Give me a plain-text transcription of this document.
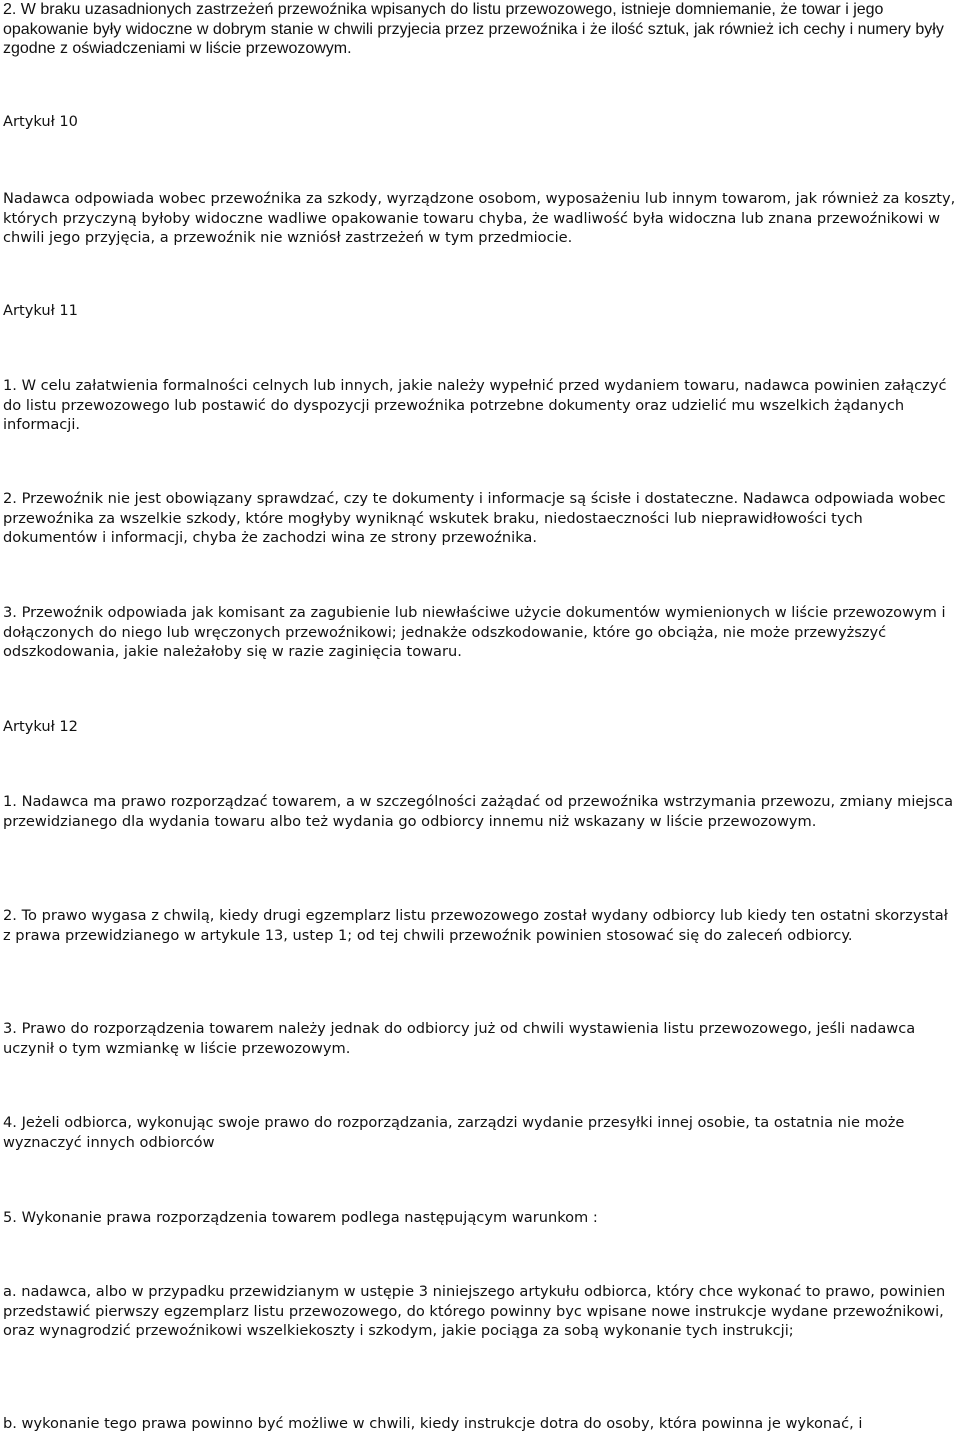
2. W braku uzasadnionych zastrzeżeń przewoźnika wpisanych do listu przewozowego, istnieje domniemanie, że towar i jego opakowanie były widoczne w dobrym stanie w chwili przyjecia przez przewoźnika i że ilość sztuk, jak również ich cechy i numery były zgodne z oświadczeniami w liście przewozowym.

Artykuł 10

Nadawca odpowiada wobec przewoźnika za szkody, wyrządzone osobom, wyposażeniu lub innym towarom, jak również za koszty, których przyczyną byłoby widoczne wadliwe opakowanie towaru chyba, że wadliwość była widoczna lub znana przewoźnikowi w chwili jego przyjęcia, a przewoźnik nie wzniósł zastrzeżeń w tym przedmiocie.

Artykuł 11

1. W celu załatwienia formalności celnych lub innych, jakie należy wypełnić przed wydaniem towaru, nadawca powinien załączyć do listu przewozowego lub postawić do dyspozycji przewoźnika potrzebne dokumenty oraz udzielić mu wszelkich żądanych informacji.

2. Przewoźnik nie jest obowiązany sprawdzać, czy te dokumenty i informacje są ścisłe i dostateczne. Nadawca odpowiada wobec przewoźnika za wszelkie szkody, które mogłyby wyniknąć wskutek braku, niedostaeczności lub nieprawidłowości tych dokumentów i informacji, chyba że zachodzi wina ze strony przewoźnika.

3. Przewoźnik odpowiada jak komisant za zagubienie lub niewłaściwe użycie dokumentów wymienionych w liście przewozowym i dołączonych do niego lub wręczonych przewoźnikowi; jednakże odszkodowanie, które go obciąża, nie może przewyższyć odszkodowania, jakie należałoby się w razie zaginięcia towaru.

Artykuł 12

1. Nadawca ma prawo rozporządzać towarem, a w szczególności zażądać od przewoźnika wstrzymania przewozu, zmiany miejsca przewidzianego dla wydania towaru albo też wydania go odbiorcy innemu niż wskazany w liście przewozowym.

2. To prawo wygasa z chwilą, kiedy drugi egzemplarz listu przewozowego został wydany odbiorcy lub kiedy ten ostatni skorzystał z prawa przewidzianego w artykule 13, ustep 1; od tej chwili przewoźnik powinien stosować się do zaleceń odbiorcy.

3. Prawo do rozporządzenia towarem należy jednak do odbiorcy już od chwili wystawienia listu przewozowego, jeśli nadawca uczynił o tym wzmiankę w liście przewozowym.

4. Jeżeli odbiorca, wykonując swoje prawo do rozporządzania, zarządzi wydanie przesyłki innej osobie, ta ostatnia nie może wyznaczyć innych odbiorców

5. Wykonanie prawa rozporządzenia towarem podlega następującym warunkom :

a. nadawca, albo w przypadku przewidzianym w ustępie 3 niniejszego artykułu odbiorca, który chce wykonać to prawo, powinien przedstawić pierwszy egzemplarz listu przewozowego, do którego powinny byc wpisane nowe instrukcje wydane przewoźnikowi, oraz wynagrodzić przewoźnikowi wszelkiekoszty i szkodym, jakie pociąga za sobą wykonanie tych instrukcji;

b. wykonanie tego prawa powinno być możliwe w chwili, kiedy instrukcje dotra do osoby, która powinna je wykonać, i
